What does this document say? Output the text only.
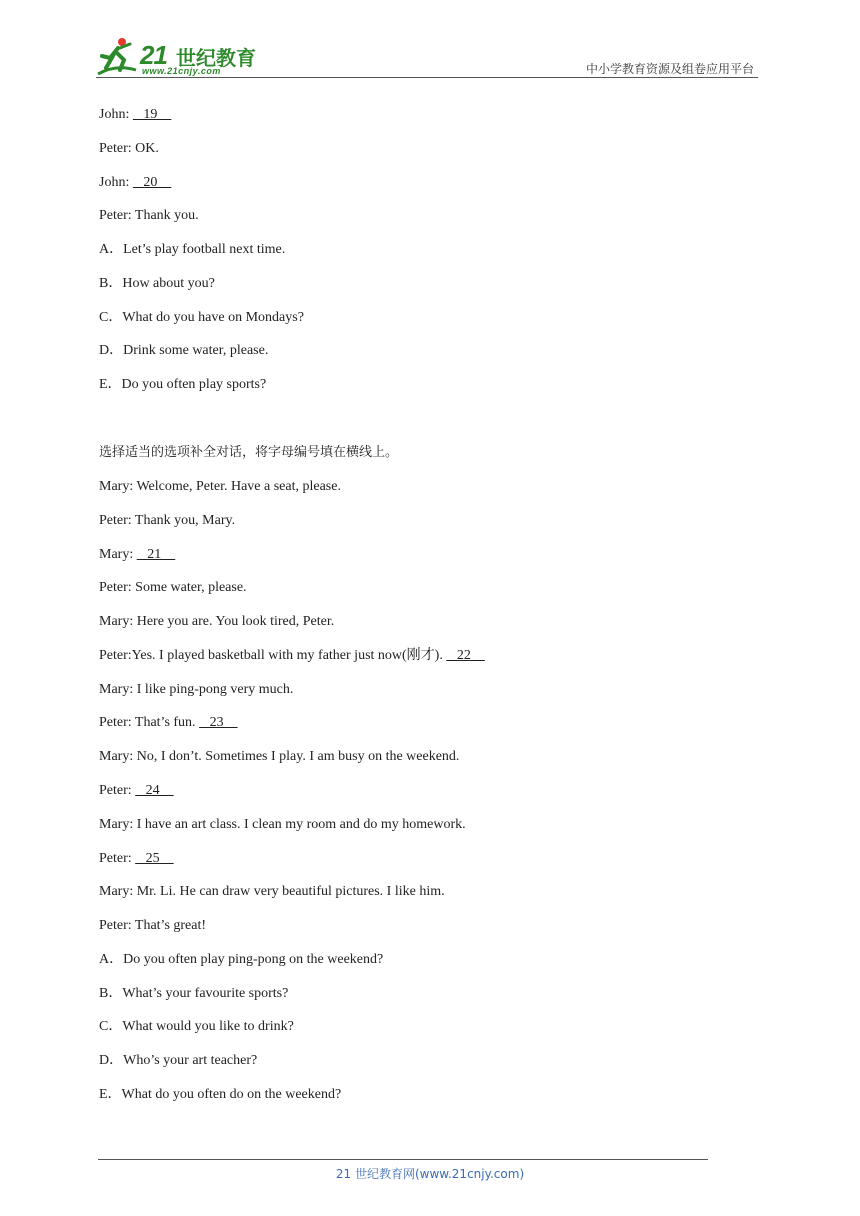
21 世纪教育
www.21cnjy.com	中小学教育资源及组卷应用平台
John:    19
Peter: OK.
John:    20
Peter: Thank you.
A．Let’s play football next time.
B．How about you?
C．What do you have on Mondays?
D．Drink some water, please.
E．Do you often play sports?
选择适当的选项补全对话，将字母编号填在横线上。
Mary: Welcome, Peter. Have a seat, please.
Peter: Thank you, Mary.
Mary:    21
Peter: Some water, please.
Mary: Here you are. You look tired, Peter.
Peter:Yes. I played basketball with my father just now(刚才).    22
Mary: I like ping-pong very much.
Peter: That’s fun.    23
Mary: No, I don’t. Sometimes I play. I am busy on the weekend.
Peter:    24
Mary: I have an art class. I clean my room and do my homework.
Peter:    25
Mary: Mr. Li. He can draw very beautiful pictures. I like him.
Peter: That’s great!
A．Do you often play ping-pong on the weekend?
B．What’s your favourite sports?
C．What would you like to drink?
D．Who’s your art teacher?
E．What do you often do on the weekend?
21 世纪教育网(www.21cnjy.com)
